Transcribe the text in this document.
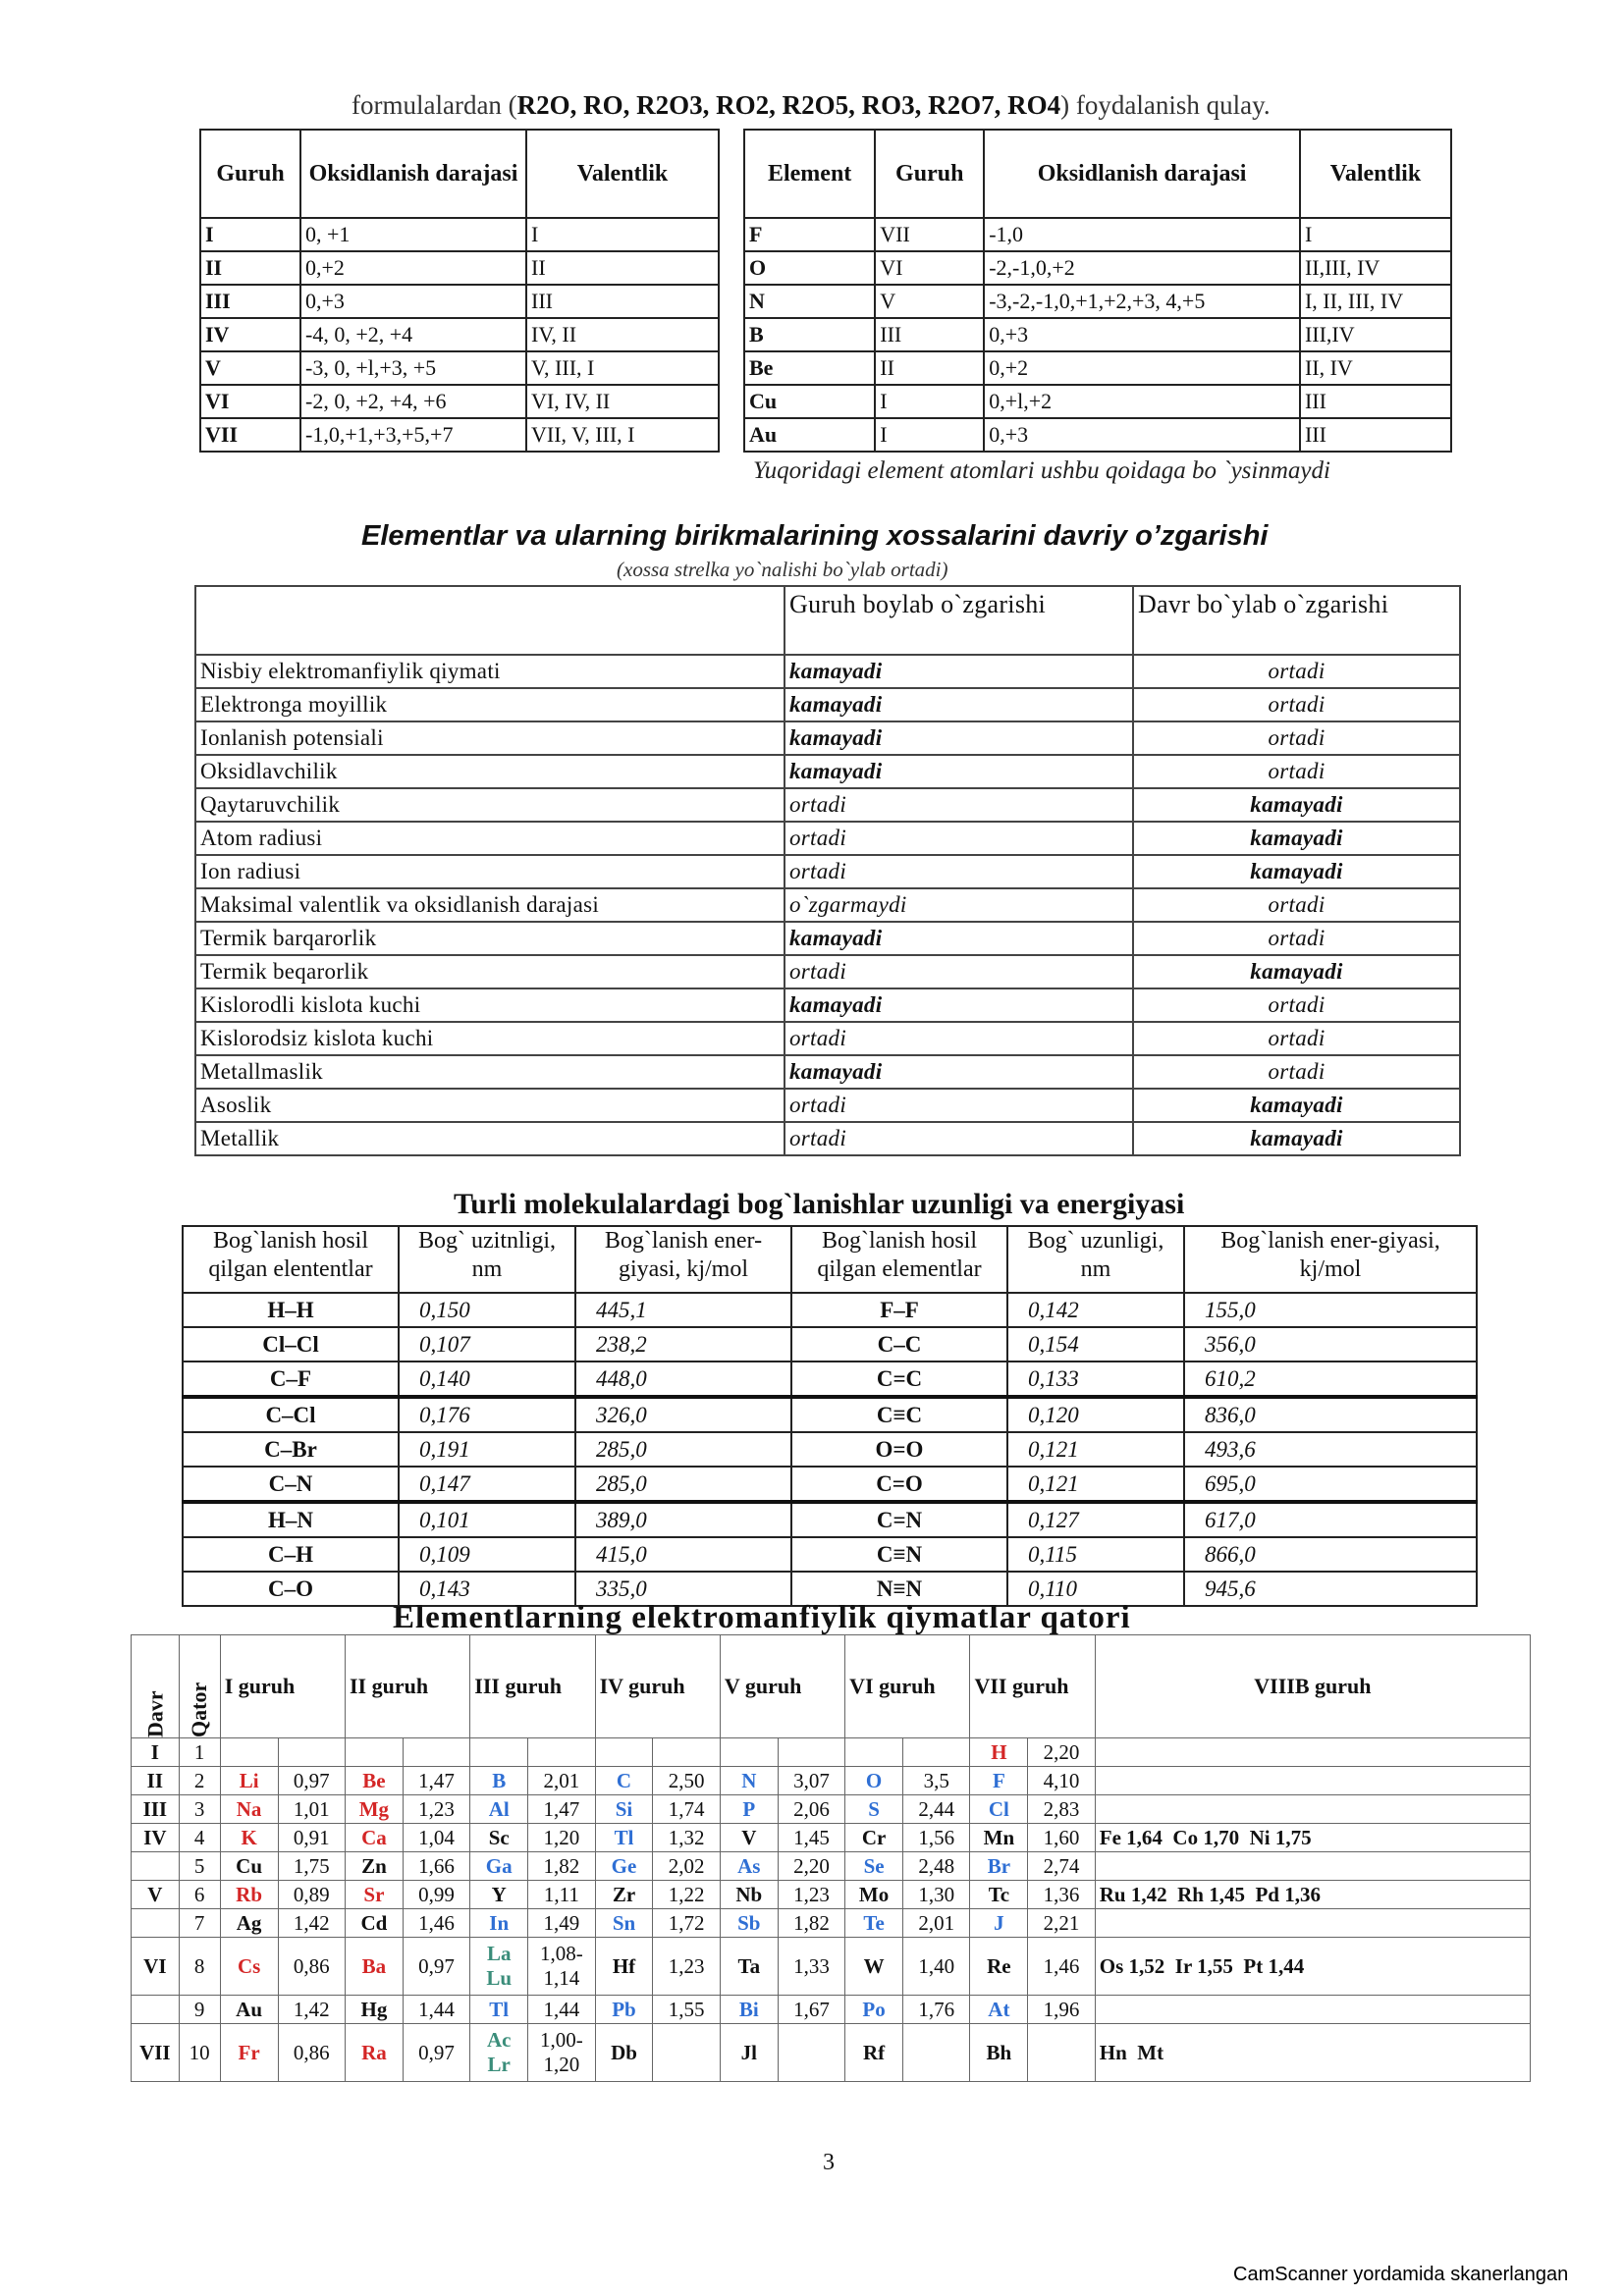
formulalardan (R2O, RO, R2O3, RO2, R2O5, RO3, R2O7, RO4) foydalanish qulay.
Guruh	Oksidlanish darajasi	Valentlik
I	0, +1	I
II	0,+2	II
III	0,+3	III
IV	-4, 0, +2, +4	IV, II
V	-3, 0, +l,+3, +5	V, III, I
VI	-2, 0, +2, +4, +6	VI, IV, II
VII	-1,0,+1,+3,+5,+7	VII, V, III, I
Element	Guruh	Oksidlanish darajasi	Valentlik
F	VII	-1,0	I
O	VI	-2,-1,0,+2	II,III, IV
N	V	-3,-2,-1,0,+1,+2,+3, 4,+5	I, II, III, IV
B	III	0,+3	III,IV
Be	II	0,+2	II, IV
Cu	I	0,+l,+2	III
Au	I	0,+3	III
Yuqoridagi element atomlari ushbu qoidaga bo `ysinmaydi
Elementlar va ularning birikmalarining xossalarini davriy o’zgarishi
(xossa strelka yo`nalishi bo`ylab ortadi)
	Guruh boylab o`zgarishi	Davr bo`ylab o`zgarishi
Nisbiy elektromanfiylik qiymati	kamayadi	ortadi
Elektronga moyillik	kamayadi	ortadi
Ionlanish potensiali	kamayadi	ortadi
Oksidlavchilik	kamayadi	ortadi
Qaytaruvchilik	ortadi	kamayadi
Atom radiusi	ortadi	kamayadi
Ion radiusi	ortadi	kamayadi
Maksimal valentlik va oksidlanish darajasi	o`zgarmaydi	ortadi
Termik barqarorlik	kamayadi	ortadi
Termik beqarorlik	ortadi	kamayadi
Kislorodli kislota kuchi	kamayadi	ortadi
Kislorodsiz kislota kuchi	ortadi	ortadi
Metallmaslik	kamayadi	ortadi
Asoslik	ortadi	kamayadi
Metallik	ortadi	kamayadi
Turli molekulalardagi bog`lanishlar uzunligi va energiyasi
Bog`lanish hosil qilgan elententlar	Bog` uzitnligi, nm	Bog`lanish ener-giyasi, kj/mol	Bog`lanish hosil qilgan elementlar	Bog` uzunligi, nm	Bog`lanish ener-giyasi, kj/mol
H–H	0,150	445,1	F–F	0,142	155,0
Cl–Cl	0,107	238,2	C–C	0,154	356,0
C–F	0,140	448,0	C=C	0,133	610,2
C–Cl	0,176	326,0	C≡C	0,120	836,0
C–Br	0,191	285,0	O=O	0,121	493,6
C–N	0,147	285,0	C=O	0,121	695,0
H–N	0,101	389,0	C=N	0,127	617,0
C–H	0,109	415,0	C≡N	0,115	866,0
C–O	0,143	335,0	N≡N	0,110	945,6
Elementlarning elektromanfiylik qiymatlar qatori
Davr	Qator	I guruh		II guruh		III guruh		IV guruh		V guruh		VI guruh		VII guruh		VIIIB guruh
I	1													H	2,20	
II	2	Li	0,97	Be	1,47	B	2,01	C	2,50	N	3,07	O	3,5	F	4,10	
III	3	Na	1,01	Mg	1,23	Al	1,47	Si	1,74	P	2,06	S	2,44	Cl	2,83	
IV	4	K	0,91	Ca	1,04	Sc	1,20	Tl	1,32	V	1,45	Cr	1,56	Mn	1,60	Fe 1,64  Co 1,70  Ni 1,75
	5	Cu	1,75	Zn	1,66	Ga	1,82	Ge	2,02	As	2,20	Se	2,48	Br	2,74	
V	6	Rb	0,89	Sr	0,99	Y	1,11	Zr	1,22	Nb	1,23	Mo	1,30	Tc	1,36	Ru 1,42  Rh 1,45  Pd 1,36
	7	Ag	1,42	Cd	1,46	In	1,49	Sn	1,72	Sb	1,82	Te	2,01	J	2,21	
VI	8	Cs	0,86	Ba	0,97	La Lu	1,08- 1,14	Hf	1,23	Ta	1,33	W	1,40	Re	1,46	Os 1,52  Ir 1,55  Pt 1,44
	9	Au	1,42	Hg	1,44	Tl	1,44	Pb	1,55	Bi	1,67	Po	1,76	At	1,96	
VII	10	Fr	0,86	Ra	0,97	Ac Lr	1,00- 1,20	Db		Jl		Rf		Bh		Hn  Mt
3
CamScanner yordamida skanerlangan
